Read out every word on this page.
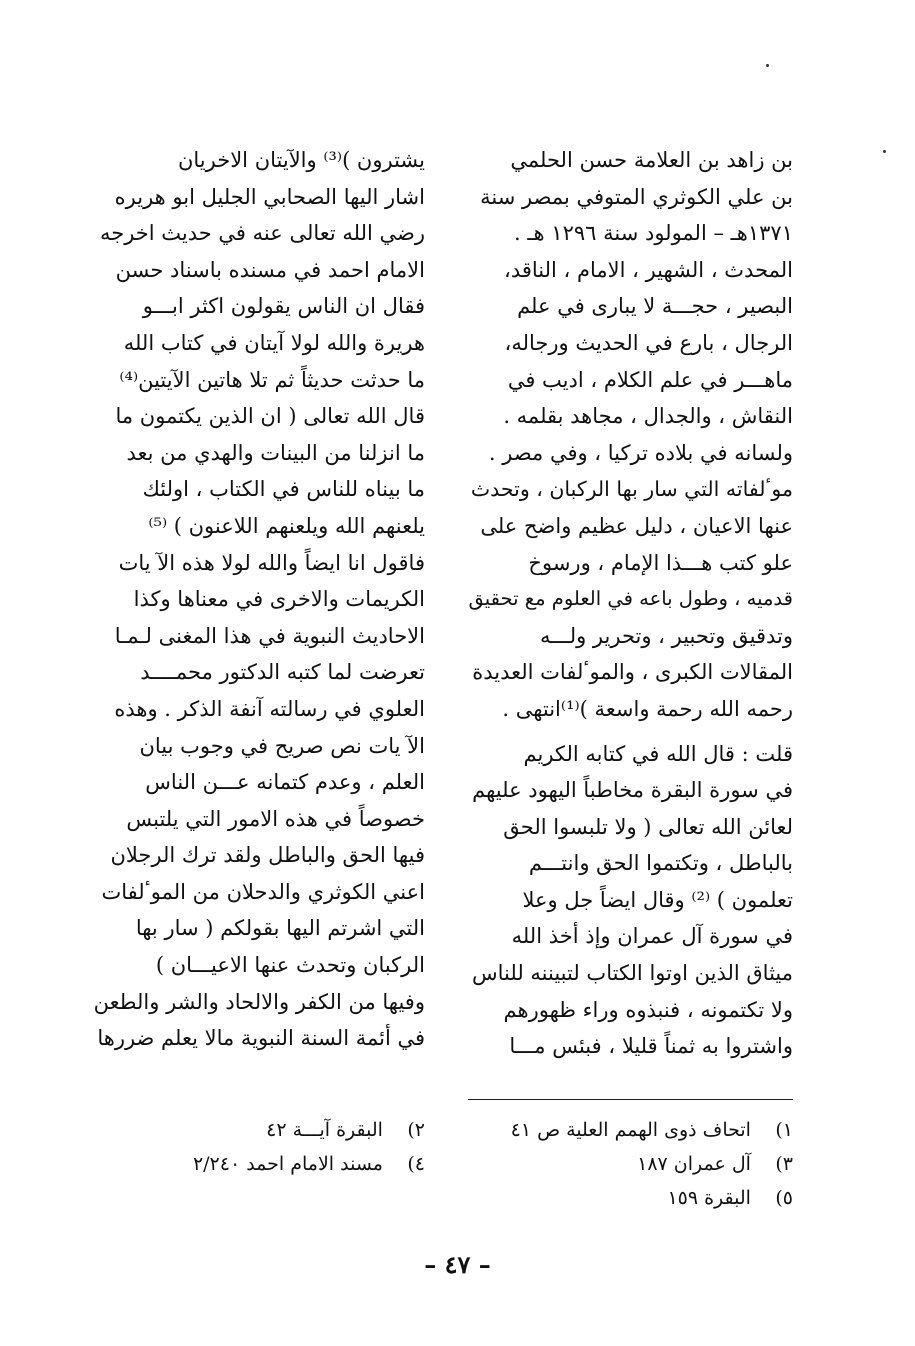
بن زاهد بن العلامة حسن الحلمي
بن علي الكوثري المتوفي بمصر سنة
١٣٧١هـ – المولود سنة ١٢٩٦ هـ .
المحدث ، الشهير ، الامام ، الناقد،
البصير ، حجـــة لا يبارى في علم
الرجال ، بارع في الحديث ورجاله،
ماهـــر في علم الكلام ، اديب في
النقاش ، والجدال ، مجاهد بقلمه .
ولسانه في بلاده تركيا ، وفي مصر .
موٴلفاته التي سار بها الركبان ، وتحدث
عنها الاعيان ، دليل عظيم واضح على
علو كتب هـــذا الإمام ، ورسوخ
قدميه ، وطول باعه في العلوم مع تحقيق
وتدقيق وتحبير ، وتحرير ولـــه
المقالات الكبرى ، والموٴلفات العديدة
رحمه الله رحمة واسعة )⁽¹⁾انتهى .
قلت : قال الله في كتابه الكريم
في سورة البقرة مخاطباً اليهود عليهم
لعائن الله تعالى ( ولا تلبسوا الحق
بالباطل ، وتكتموا الحق وانتـــم
تعلمون ) ⁽²⁾ وقال ايضاً جل وعلا
في سورة آل عمران وإذ أخذ الله
ميثاق الذين اوتوا الكتاب لتبيننه للناس
ولا تكتمونه ، فنبذوه وراء ظهورهم
واشتروا به ثمناً قليلا ، فبئس مـــا
يشترون )⁽³⁾ والآيتان الاخريان
اشار اليها الصحابي الجليل ابو هريره
رضي الله تعالى عنه في حديث اخرجه
الامام احمد في مسنده باسناد حسن
فقال ان الناس يقولون اكثر ابـــو
هريرة والله لولا آيتان في كتاب الله
ما حدثت حديثاً ثم تلا هاتين الآيتين⁽⁴⁾
قال الله تعالى ( ان الذين يكتمون ما
ما انزلنا من البينات والهدي من بعد
ما بيناه للناس في الكتاب ، اولئك
يلعنهم الله ويلعنهم اللاعنون ) ⁽⁵⁾
فاقول انا ايضاً والله لولا هذه الآ يات
الكريمات والاخرى في معناها وكذا
الاحاديث النبوية في هذا المغنى لـمـا
تعرضت لما كتبه الدكتور محمــــد
العلوي في رسالته آنفة الذكر . وهذه
الآ يات نص صريح في وجوب بيان
العلم ، وعدم كتمانه عـــن الناس
خصوصاً في هذه الامور التي يلتبس
فيها الحق والباطل ولقد ترك الرجلان
اعني الكوثري والدحلان من الموٴلفات
التي اشرتم اليها بقولكم ( سار بها
الركبان وتحدث عنها الاعيـــان )
وفيها من الكفر والالحاد والشر والطعن
في أئمة السنة النبوية مالا يعلم ضررها
١) اتحاف ذوى الهمم العلية ص ٤١
٣) آل عمران ١٨٧
٥) البقرة ١٥٩
٢) البقرة آيـــة ٤٢
٤) مسند الامام احمد ٢/٢٤٠
– ٤٧ –
